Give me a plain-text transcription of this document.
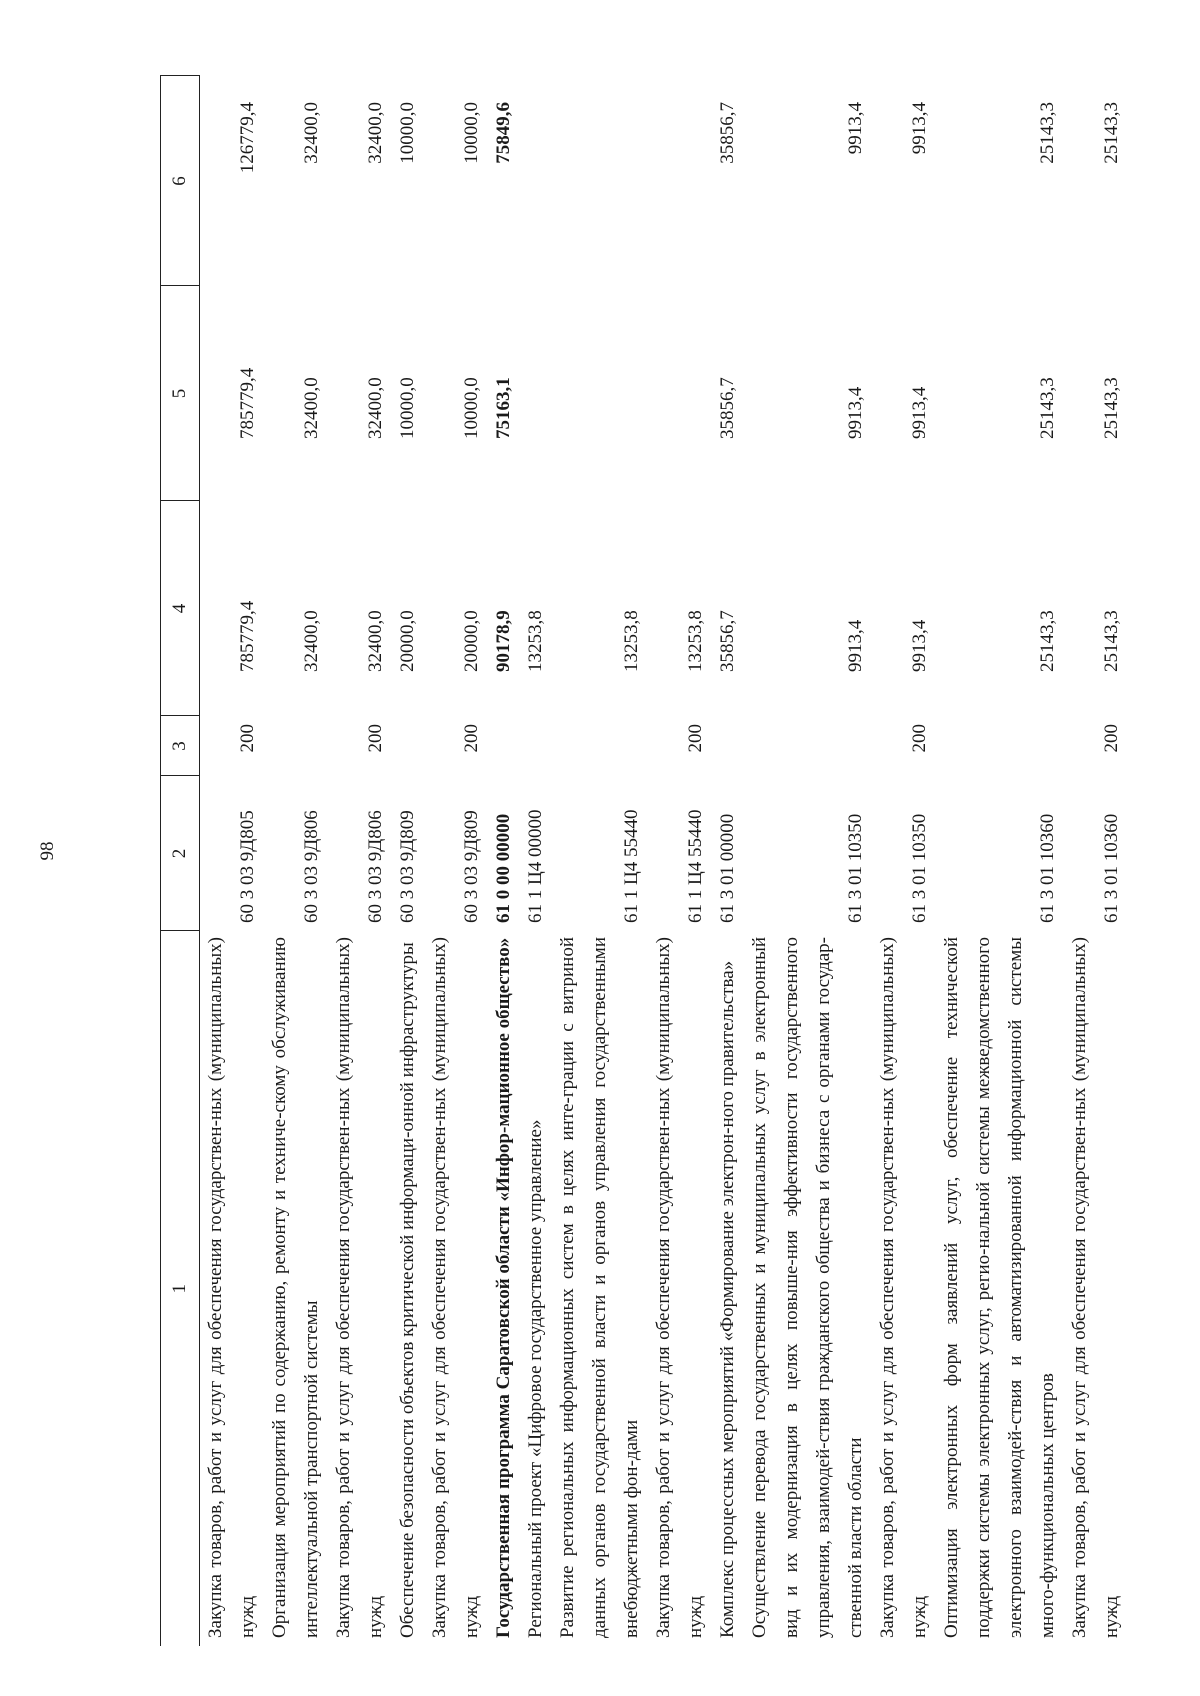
98
1	2	3	4	5	6
Закупка товаров, работ и услуг для обеспечения государствен-ных (муниципальных) нужд	60 3 03 9Д805	200	785779,4	785779,4	126779,4
Организация мероприятий по содержанию, ремонту и техниче-скому обслуживанию интеллектуальной транспортной системы	60 3 03 9Д806		32400,0	32400,0	32400,0
Закупка товаров, работ и услуг для обеспечения государствен-ных (муниципальных) нужд	60 3 03 9Д806	200	32400,0	32400,0	32400,0
Обеспечение безопасности объектов критической информаци-онной инфраструктуры	60 3 03 9Д809		20000,0	10000,0	10000,0
Закупка товаров, работ и услуг для обеспечения государствен-ных (муниципальных) нужд	60 3 03 9Д809	200	20000,0	10000,0	10000,0
Государственная программа Саратовской области «Инфор-мационное общество»	61 0 00 00000		90178,9	75163,1	75849,6
Региональный проект «Цифровое государственное управление»	61 1 Ц4 00000		13253,8		
Развитие региональных информационных систем в целях инте-грации с витриной данных органов государственной власти и органов управления государственными внебюджетными фон-дами	61 1 Ц4 55440		13253,8		
Закупка товаров, работ и услуг для обеспечения государствен-ных (муниципальных) нужд	61 1 Ц4 55440	200	13253,8		
Комплекс процессных мероприятий «Формирование электрон-ного правительства»	61 3 01 00000		35856,7	35856,7	35856,7
Осуществление перевода государственных и муниципальных услуг в электронный вид и их модернизация в целях повыше-ния эффективности государственного управления, взаимодей-ствия гражданского общества и бизнеса с органами государ-ственной власти области	61 3 01 10350		9913,4	9913,4	9913,4
Закупка товаров, работ и услуг для обеспечения государствен-ных (муниципальных) нужд	61 3 01 10350	200	9913,4	9913,4	9913,4
Оптимизация электронных форм заявлений услуг, обеспечение технической поддержки системы электронных услуг, регио-нальной системы межведомственного электронного взаимодей-ствия и автоматизированной информационной системы много-функциональных центров	61 3 01 10360		25143,3	25143,3	25143,3
Закупка товаров, работ и услуг для обеспечения государствен-ных (муниципальных) нужд	61 3 01 10360	200	25143,3	25143,3	25143,3
